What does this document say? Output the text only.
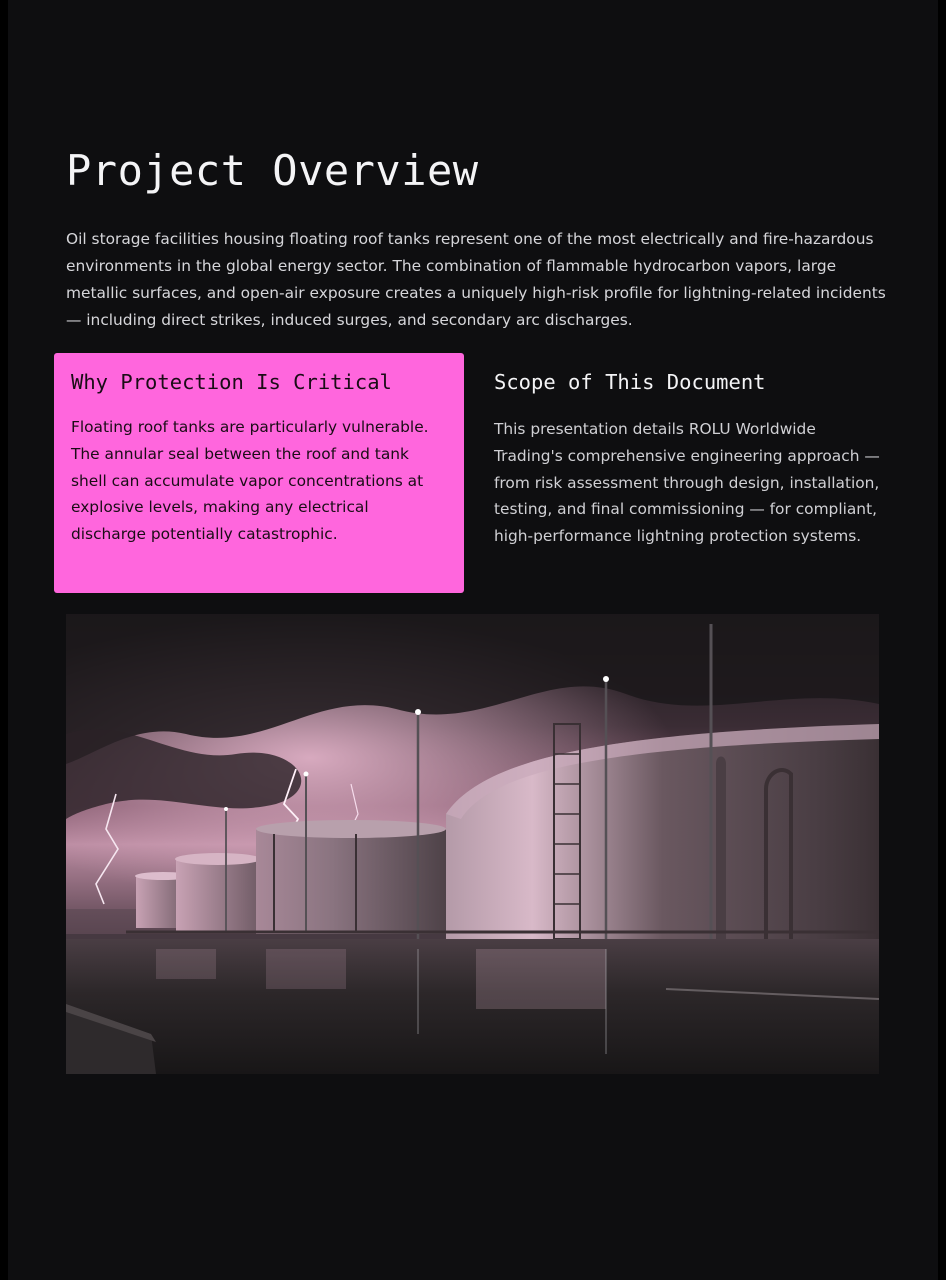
Project Overview

Oil storage facilities housing floating roof tanks represent one of the most electrically and fire-hazardous environments in the global energy sector. The combination of flammable hydrocarbon vapors, large metallic surfaces, and open-air exposure creates a uniquely high-risk profile for lightning-related incidents — including direct strikes, induced surges, and secondary arc discharges.

Why Protection Is Critical

Floating roof tanks are particularly vulnerable. The annular seal between the roof and tank shell can accumulate vapor concentrations at explosive levels, making any electrical discharge potentially catastrophic.

Scope of This Document

This presentation details ROLU Worldwide Trading's comprehensive engineering approach — from risk assessment through design, installation, testing, and final commissioning — for compliant, high-performance lightning protection systems.
